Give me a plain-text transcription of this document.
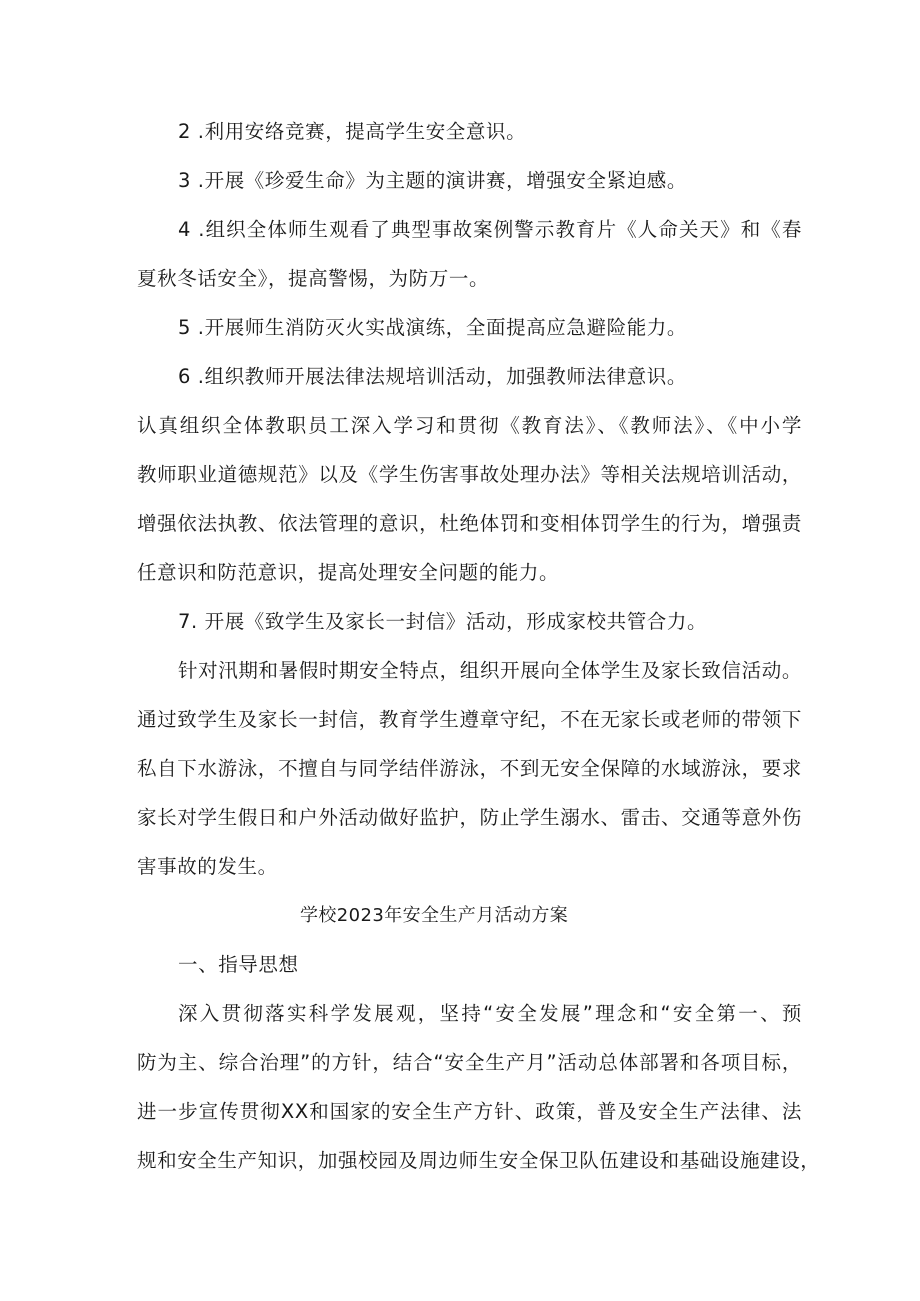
2 .利用安络竞赛，提高学生安全意识。

3 .开展《珍爱生命》为主题的演讲赛，增强安全紧迫感。

4 .组织全体师生观看了典型事故案例警示教育片《人命关天》和《春

夏秋冬话安全》，提高警惕，为防万一。

5 .开展师生消防灭火实战演练，全面提高应急避险能力。

6 .组织教师开展法律法规培训活动，加强教师法律意识。

认真组织全体教职员工深入学习和贯彻《教育法》、《教师法》、《中小学

教师职业道德规范》以及《学生伤害事故处理办法》等相关法规培训活动，

增强依法执教、依法管理的意识，杜绝体罚和变相体罚学生的行为，增强责

任意识和防范意识，提高处理安全问题的能力。

7. 开展《致学生及家长一封信》活动，形成家校共管合力。

针对汛期和暑假时期安全特点，组织开展向全体学生及家长致信活动。

通过致学生及家长一封信，教育学生遵章守纪，不在无家长或老师的带领下

私自下水游泳，不擅自与同学结伴游泳，不到无安全保障的水域游泳，要求

家长对学生假日和户外活动做好监护，防止学生溺水、雷击、交通等意外伤

害事故的发生。

学校2023年安全生产月活动方案

一、指导思想

深入贯彻落实科学发展观，坚持“安全发展”理念和“安全第一、预

防为主、综合治理”的方针，结合“安全生产月”活动总体部署和各项目标，

进一步宣传贯彻XX和国家的安全生产方针、政策，普及安全生产法律、法

规和安全生产知识，加强校园及周边师生安全保卫队伍建设和基础设施建设，
